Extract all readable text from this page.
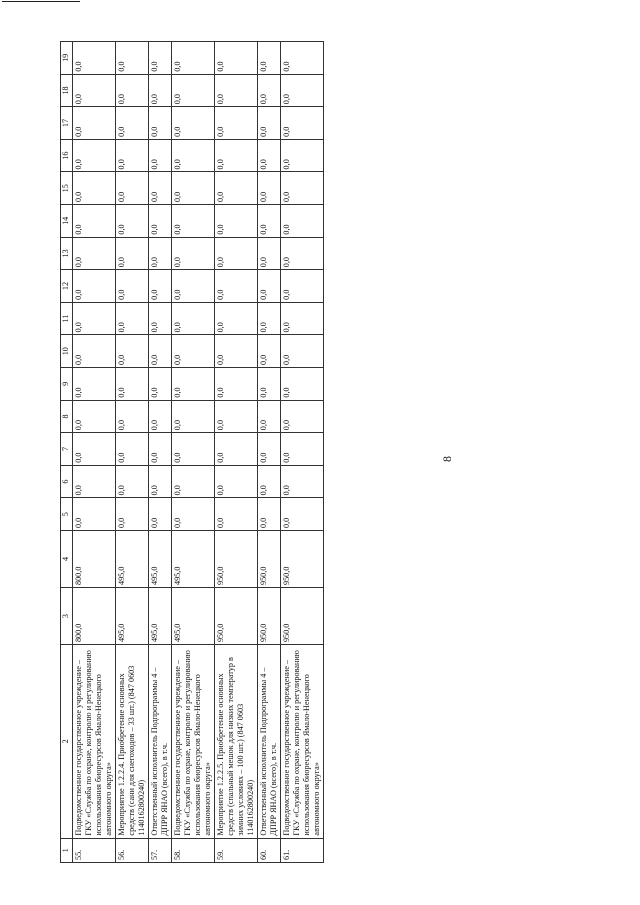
8
1	2	3	4	5	6	7	8	9	10	11	12	13	14	15	16	17	18	19
55.	Подведомственное государственное учреждение – ГКУ «Служба по охране, контролю и регулированию использования биоресурсов Ямало-Ненецкого автономного округа»	800,0	800,0	0,0	0,0	0,0	0,0	0,0	0,0	0,0	0,0	0,0	0,0	0,0	0,0	0,0	0,0	0,0
56.	Мероприятие 1.2.2.4. Приобретение основных средств (сани для снегоходов – 33 шт.) (847 0603 1140162800240)	495,0	495,0	0,0	0,0	0,0	0,0	0,0	0,0	0,0	0,0	0,0	0,0	0,0	0,0	0,0	0,0	0,0
57.	Ответственный исполнитель Подпрограммы 4 – ДПРР ЯНАО (всего), в т.ч.	495,0	495,0	0,0	0,0	0,0	0,0	0,0	0,0	0,0	0,0	0,0	0,0	0,0	0,0	0,0	0,0	0,0
58.	Подведомственное государственное учреждение – ГКУ «Служба по охране, контролю и регулированию использования биоресурсов Ямало-Ненецкого автономного округа»	495,0	495,0	0,0	0,0	0,0	0,0	0,0	0,0	0,0	0,0	0,0	0,0	0,0	0,0	0,0	0,0	0,0
59.	Мероприятие 1.2.2.5. Приобретение основных средств (спальный мешок для низких температур в зимних условиях – 100 шт.) (847 0603 1140162800240)	950,0	950,0	0,0	0,0	0,0	0,0	0,0	0,0	0,0	0,0	0,0	0,0	0,0	0,0	0,0	0,0	0,0
60.	Ответственный исполнитель Подпрограммы 4 – ДПРР ЯНАО (всего), в т.ч.	950,0	950,0	0,0	0,0	0,0	0,0	0,0	0,0	0,0	0,0	0,0	0,0	0,0	0,0	0,0	0,0	0,0
61.	Подведомственное государственное учреждение – ГКУ «Служба по охране, контролю и регулированию использования биоресурсов Ямало-Ненецкого автономного округа»	950,0	950,0	0,0	0,0	0,0	0,0	0,0	0,0	0,0	0,0	0,0	0,0	0,0	0,0	0,0	0,0	0,0
